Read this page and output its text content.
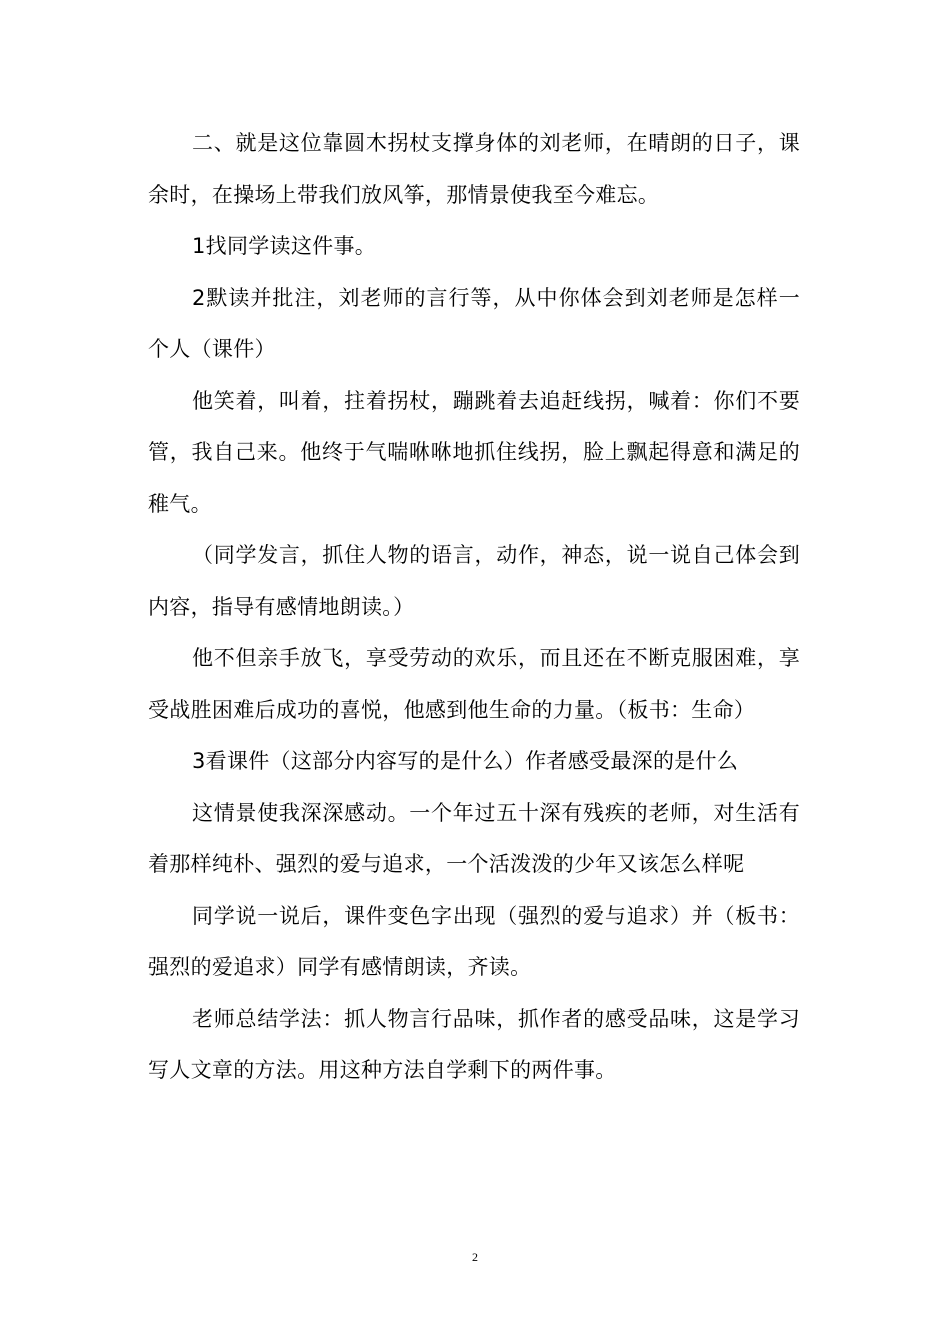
二、就是这位靠圆木拐杖支撑身体的刘老师，在晴朗的日子，课余时，在操场上带我们放风筝，那情景使我至今难忘。

1找同学读这件事。

2默读并批注，刘老师的言行等，从中你体会到刘老师是怎样一个人（课件）

他笑着，叫着，拄着拐杖，蹦跳着去追赶线拐，喊着：你们不要管，我自己来。他终于气喘咻咻地抓住线拐，脸上飘起得意和满足的稚气。

（同学发言，抓住人物的语言，动作，神态，说一说自己体会到内容，指导有感情地朗读。）

他不但亲手放飞，享受劳动的欢乐，而且还在不断克服困难，享受战胜困难后成功的喜悦，他感到他生命的力量。（板书：生命）

3看课件（这部分内容写的是什么）作者感受最深的是什么

这情景使我深深感动。一个年过五十深有残疾的老师，对生活有着那样纯朴、强烈的爱与追求，一个活泼泼的少年又该怎么样呢

同学说一说后，课件变色字出现（强烈的爱与追求）并（板书：强烈的爱追求）同学有感情朗读，齐读。

老师总结学法：抓人物言行品味，抓作者的感受品味，这是学习写人文章的方法。用这种方法自学剩下的两件事。

2
